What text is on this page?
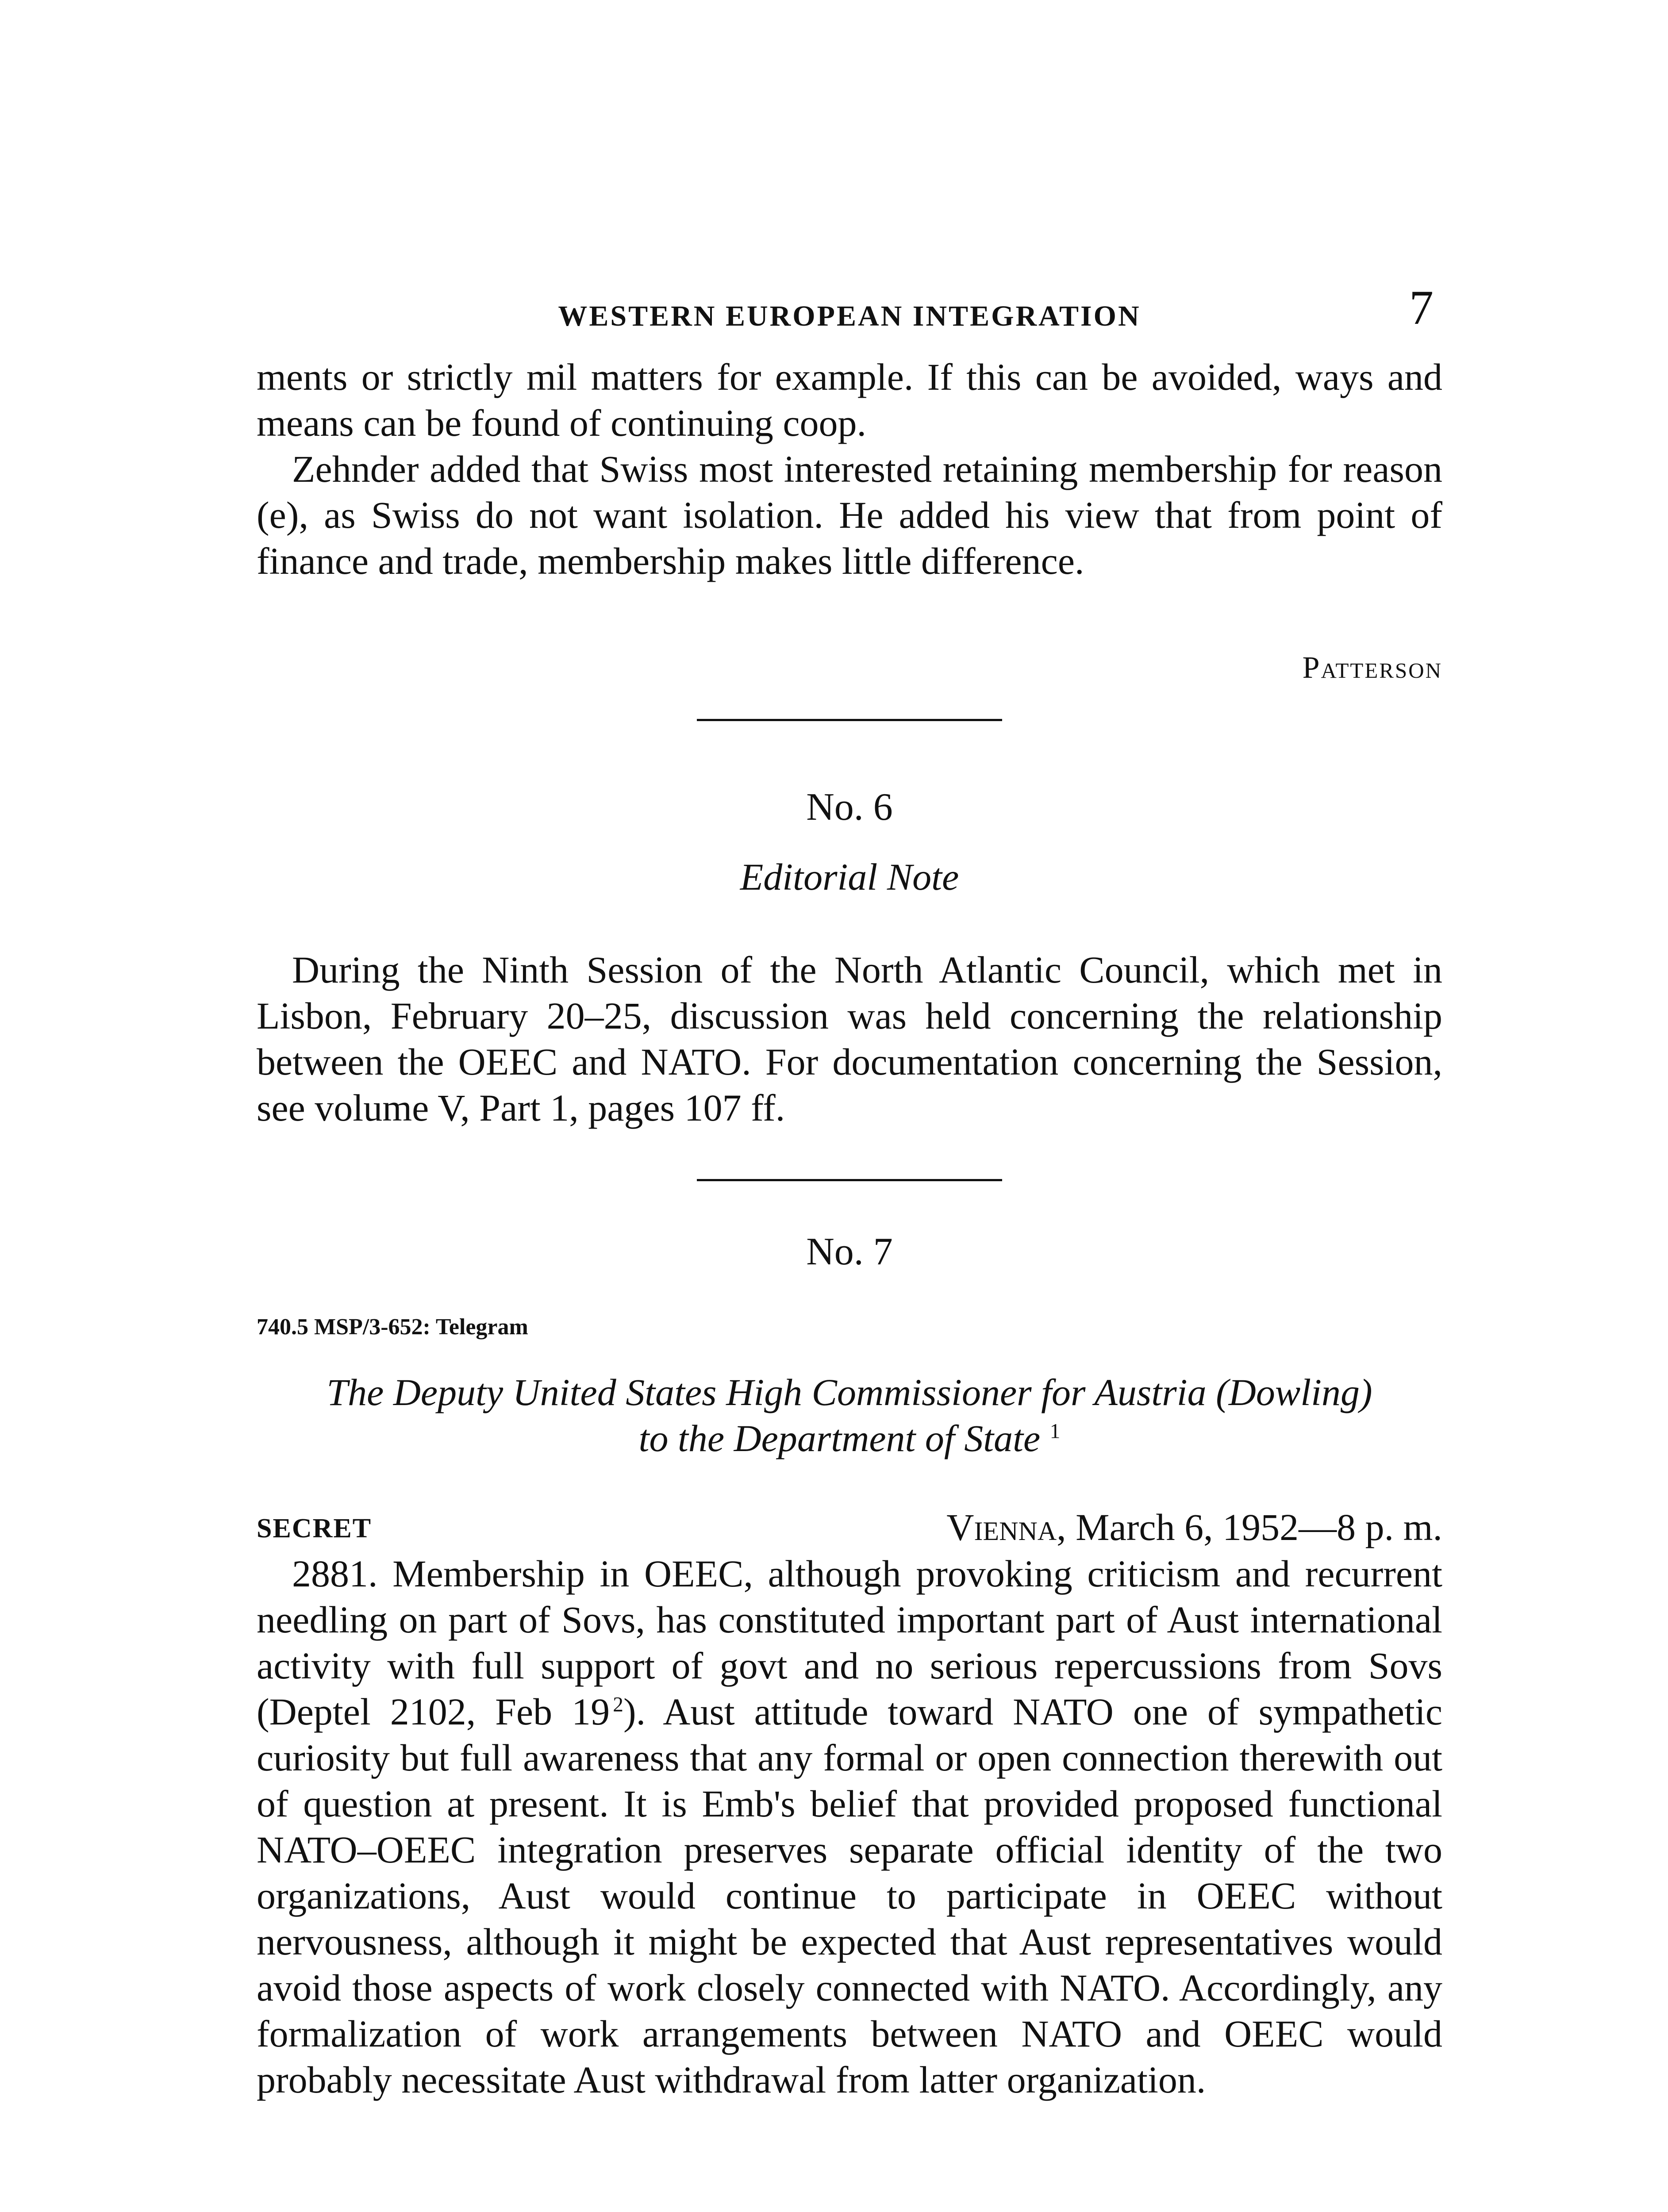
WESTERN EUROPEAN INTEGRATION	7

ments or strictly mil matters for example. If this can be avoided, ways and means can be found of continuing coop.

Zehnder added that Swiss most interested retaining membership for reason (e), as Swiss do not want isolation. He added his view that from point of finance and trade, membership makes little difference.

Patterson
No. 6
Editorial Note

During the Ninth Session of the North Atlantic Council, which met in Lisbon, February 20–25, discussion was held concerning the relationship between the OEEC and NATO. For documentation concerning the Session, see volume V, Part 1, pages 107 ff.

No. 7
740.5 MSP/3-652: Telegram
The Deputy United States High Commissioner for Austria (Dowling)
to the Department of State $^1$
SECRET	Vienna, March 6, 1952—8 p. m.

2881. Membership in OEEC, although provoking criticism and recurrent needling on part of Sovs, has constituted important part of Aust international activity with full support of govt and no serious repercussions from Sovs (Deptel 2102, Feb 19  $^2$). Aust attitude toward NATO one of sympathetic curiosity but full awareness that any formal or open connection therewith out of question at present. It is Emb's belief that provided proposed functional NATO–OEEC integration preserves separate official identity of the two organizations, Aust would continue to participate in OEEC without nervousness, although it might be expected that Aust representatives would avoid those aspects of work closely connected with NATO. Accordingly, any formalization of work arrangements between NATO and OEEC would probably necessitate Aust withdrawal from latter organization.
